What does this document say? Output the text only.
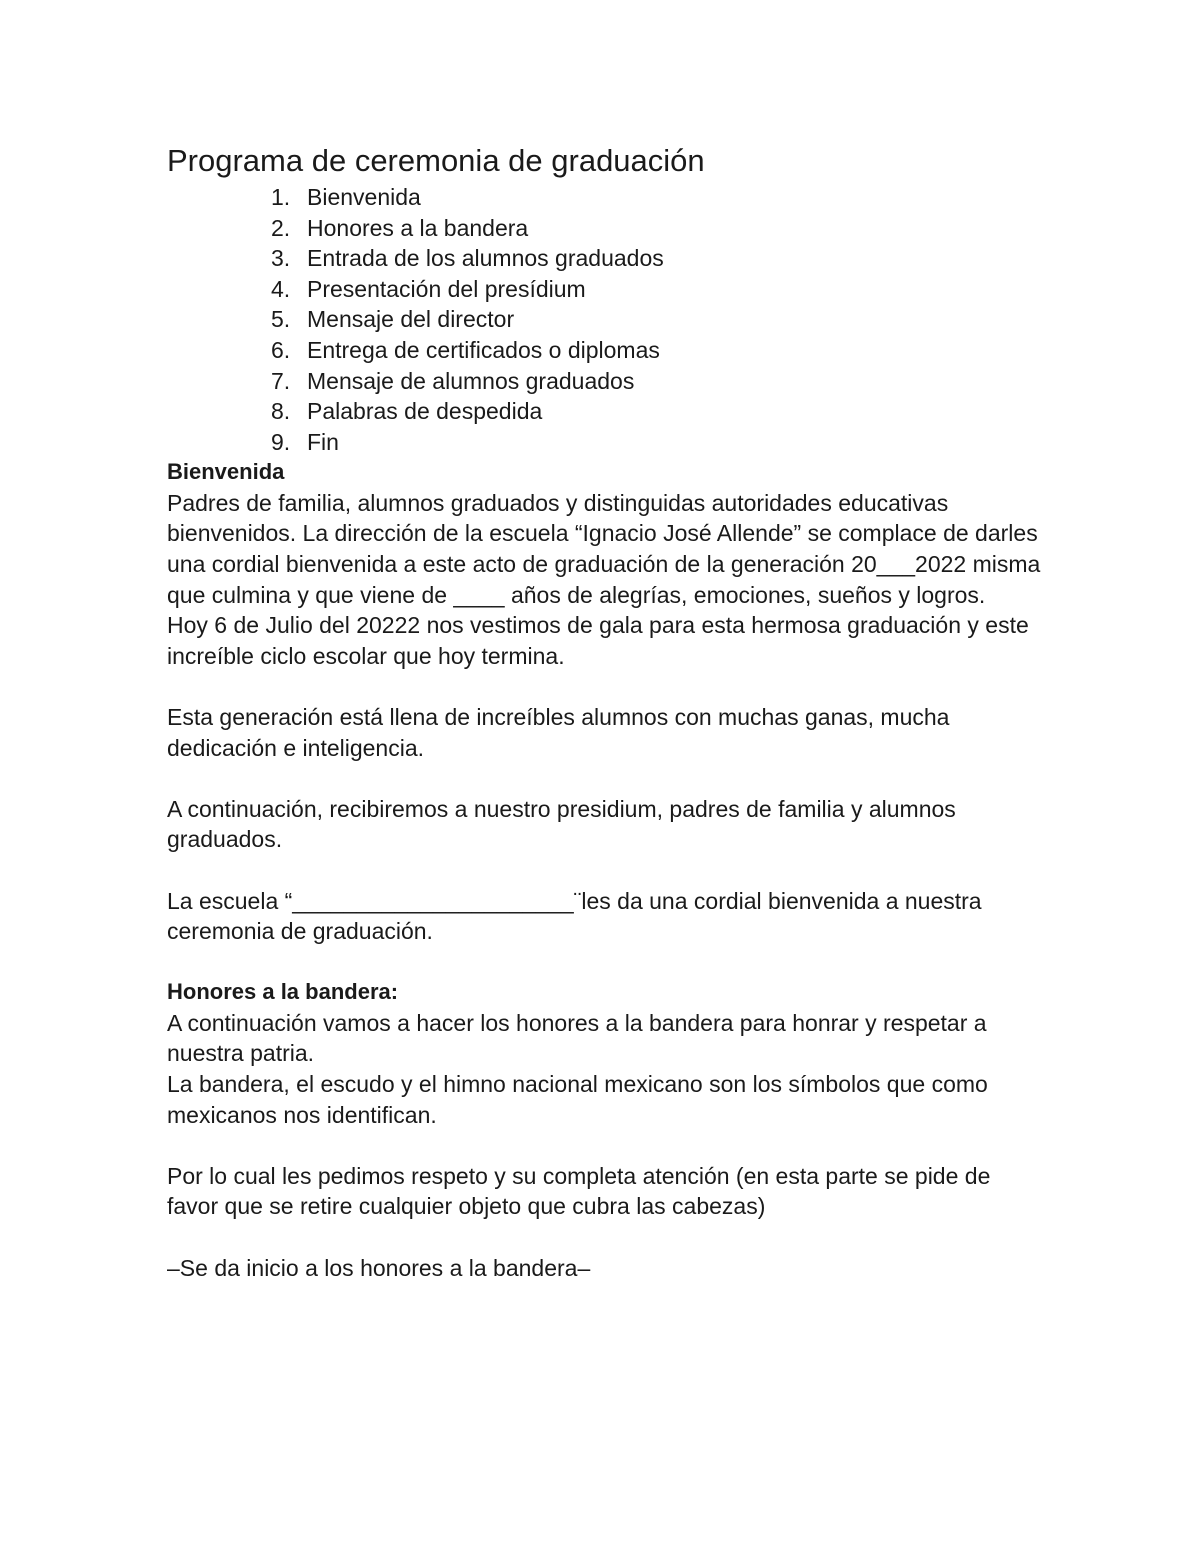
Programa de ceremonia de graduación
1. Bienvenida
2. Honores a la bandera
3. Entrada de los alumnos graduados
4. Presentación del presídium
5. Mensaje del director
6. Entrega de certificados o diplomas
7. Mensaje de alumnos graduados
8. Palabras de despedida
9. Fin
Bienvenida

Padres de familia, alumnos graduados y distinguidas autoridades educativas bienvenidos. La dirección de la escuela “Ignacio José Allende” se complace de darles una cordial bienvenida a este acto de graduación de la generación 20___2022 misma que culmina y que viene de ____ años de alegrías, emociones, sueños y logros.

Hoy 6 de Julio del 20222 nos vestimos de gala para esta hermosa graduación y este increíble ciclo escolar que hoy termina.

Esta generación está llena de increíbles alumnos con muchas ganas, mucha dedicación e inteligencia.

A continuación, recibiremos a nuestro presidium, padres de familia y alumnos graduados.

La escuela “______________________¨les da una cordial bienvenida a nuestra ceremonia de graduación.

Honores a la bandera:

A continuación vamos a hacer los honores a la bandera para honrar y respetar a nuestra patria.

La bandera, el escudo y el himno nacional mexicano son los símbolos que como mexicanos nos identifican.

Por lo cual les pedimos respeto y su completa atención (en esta parte se pide de favor que se retire cualquier objeto que cubra las cabezas)

–Se da inicio a los honores a la bandera–
